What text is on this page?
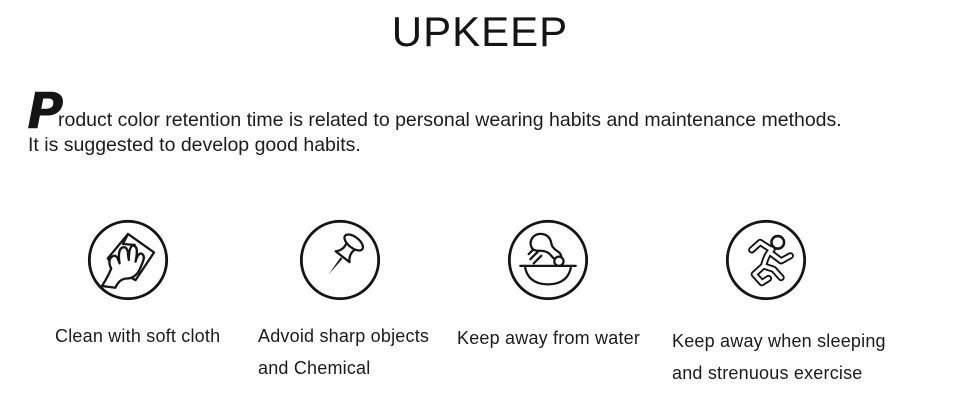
UPKEEP
P

roduct color retention time is related to personal wearing habits and maintenance methods.
It is suggested to develop good habits.

Clean with soft cloth Advoid sharp objects
and Chemical
Keep away from water Keep away when sleeping
and strenuous exercise
